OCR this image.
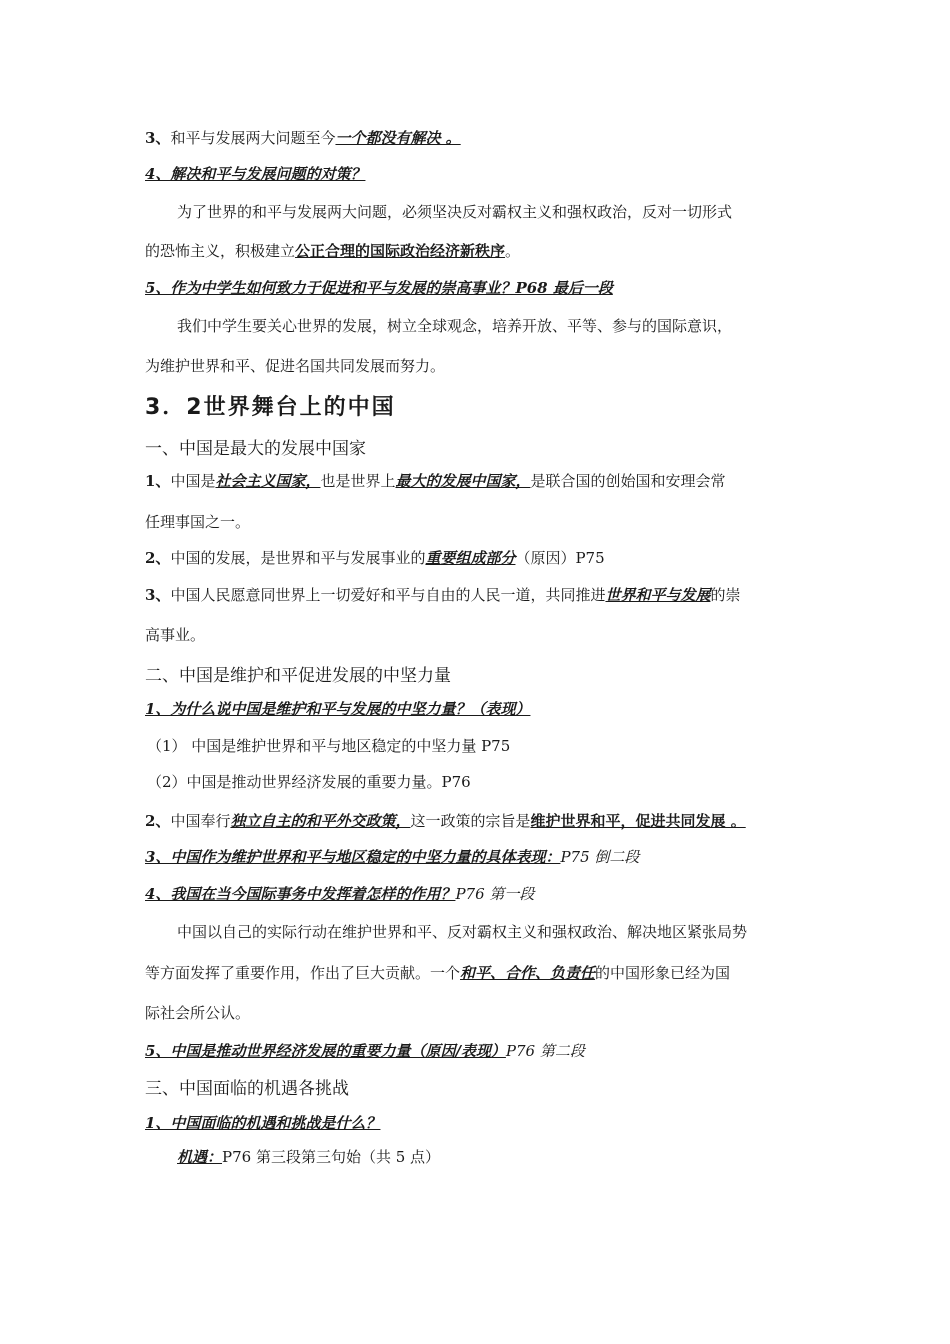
3、和平与发展两大问题至今一个都没有解决 。
4、解决和平与发展问题的对策？
为了世界的和平与发展两大问题，必须坚决反对霸权主义和强权政治，反对一切形式
的恐怖主义，积极建立公正合理的国际政治经济新秩序。
5、作为中学生如何致力于促进和平与发展的崇高事业？P68 最后一段
我们中学生要关心世界的发展，树立全球观念，培养开放、平等、参与的国际意识，
为维护世界和平、促进名国共同发展而努力。
3．2世界舞台上的中国
一、中国是最大的发展中国家
1、中国是社会主义国家，也是世界上最大的发展中国家，是联合国的创始国和安理会常
任理事国之一。
2、中国的发展，是世界和平与发展事业的重要组成部分（原因）P75
3、中国人民愿意同世界上一切爱好和平与自由的人民一道，共同推进世界和平与发展的崇
高事业。
二、中国是维护和平促进发展的中坚力量
1、为什么说中国是维护和平与发展的中坚力量？（表现）
（1） 中国是维护世界和平与地区稳定的中坚力量 P75
（2）中国是推动世界经济发展的重要力量。P76
2、中国奉行独立自主的和平外交政策，这一政策的宗旨是维护世界和平，促进共同发展 。
3、中国作为维护世界和平与地区稳定的中坚力量的具体表现：P75 倒二段
4、我国在当今国际事务中发挥着怎样的作用？P76 第一段
中国以自己的实际行动在维护世界和平、反对霸权主义和强权政治、解决地区紧张局势
等方面发挥了重要作用，作出了巨大贡献。一个和平、合作、负责任的中国形象已经为国
际社会所公认。
5、中国是推动世界经济发展的重要力量（原因/表现）P76 第二段
三、中国面临的机遇各挑战
1、中国面临的机遇和挑战是什么？
机遇：P76 第三段第三句始（共 5 点）
